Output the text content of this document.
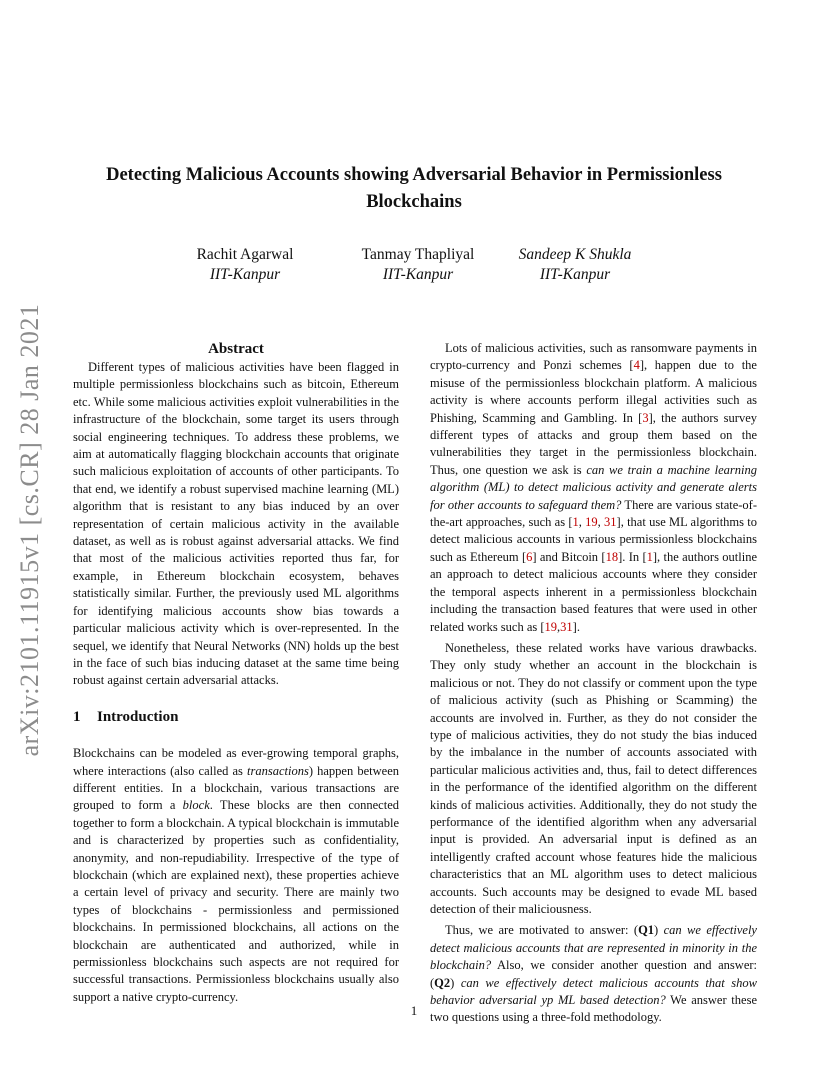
arXiv:2101.11915v1 [cs.CR] 28 Jan 2021
Detecting Malicious Accounts showing Adversarial Behavior in Permissionless Blockchains
Rachit Agarwal
IIT-Kanpur
Tanmay Thapliyal
IIT-Kanpur
Sandeep K Shukla
IIT-Kanpur
Abstract

Different types of malicious activities have been flagged in multiple permissionless blockchains such as bitcoin, Ethereum etc. While some malicious activities exploit vulnerabilities in the infrastructure of the blockchain, some target its users through social engineering techniques. To address these problems, we aim at automatically flagging blockchain accounts that originate such malicious exploitation of accounts of other participants. To that end, we identify a robust supervised machine learning (ML) algorithm that is resistant to any bias induced by an over representation of certain malicious activity in the available dataset, as well as is robust against adversarial attacks. We find that most of the malicious activities reported thus far, for example, in Ethereum blockchain ecosystem, behaves statistically similar. Further, the previously used ML algorithms for identifying malicious accounts show bias towards a particular malicious activity which is over-represented. In the sequel, we identify that Neural Networks (NN) holds up the best in the face of such bias inducing dataset at the same time being robust against certain adversarial attacks.

1 Introduction

Blockchains can be modeled as ever-growing temporal graphs, where interactions (also called as transactions) happen between different entities. In a blockchain, various transactions are grouped to form a block. These blocks are then connected together to form a blockchain. A typical blockchain is immutable and is characterized by properties such as confidentiality, anonymity, and non-repudiability. Irrespective of the type of blockchain (which are explained next), these properties achieve a certain level of privacy and security. There are mainly two types of blockchains - permissionless and permissioned blockchains. In permissioned blockchains, all actions on the blockchain are authenticated and authorized, while in permissionless blockchains such aspects are not required for successful transactions. Permissionless blockchains usually also support a native crypto-currency.

Lots of malicious activities, such as ransomware payments in crypto-currency and Ponzi schemes [4], happen due to the misuse of the permissionless blockchain platform. A malicious activity is where accounts perform illegal activities such as Phishing, Scamming and Gambling. In [3], the authors survey different types of attacks and group them based on the vulnerabilities they target in the permissionless blockchain. Thus, one question we ask is can we train a machine learning algorithm (ML) to detect malicious activity and generate alerts for other accounts to safeguard them? There are various state-of-the-art approaches, such as [1, 19, 31], that use ML algorithms to detect malicious accounts in various permissionless blockchains such as Ethereum [6] and Bitcoin [18]. In [1], the authors outline an approach to detect malicious accounts where they consider the temporal aspects inherent in a permissionless blockchain including the transaction based features that were used in other related works such as [19,31].

Nonetheless, these related works have various drawbacks. They only study whether an account in the blockchain is malicious or not. They do not classify or comment upon the type of malicious activity (such as Phishing or Scamming) the accounts are involved in. Further, as they do not consider the type of malicious activities, they do not study the bias induced by the imbalance in the number of accounts associated with particular malicious activities and, thus, fail to detect differences in the performance of the identified algorithm on the different kinds of malicious activities. Additionally, they do not study the performance of the identified algorithm when any adversarial input is provided. An adversarial input is defined as an intelligently crafted account whose features hide the malicious characteristics that an ML algorithm uses to detect malicious accounts. Such accounts may be designed to evade ML based detection of their maliciousness.

Thus, we are motivated to answer: (Q1) can we effectively detect malicious accounts that are represented in minority in the blockchain? Also, we consider another question and answer: (Q2) can we effectively detect malicious accounts that show behavior adversarial yp ML based detection? We answer these two questions using a three-fold methodology.

1
